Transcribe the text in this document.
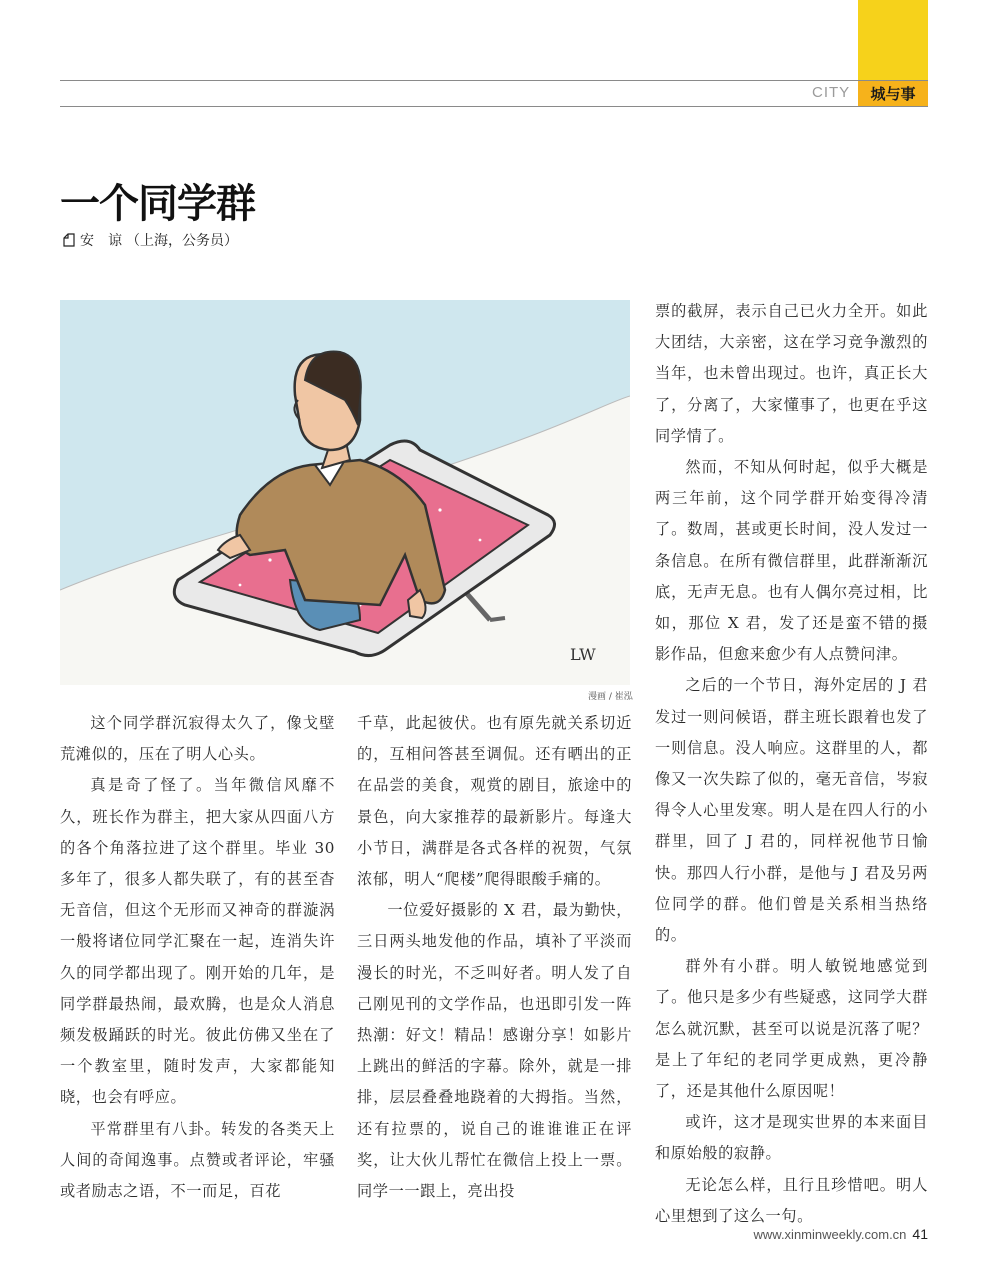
CITY	城与事
一个同学群
安　谅 （上海，公务员）
LW
漫画 / 崔泓

这个同学群沉寂得太久了，像戈壁荒滩似的，压在了明人心头。

真是奇了怪了。当年微信风靡不久，班长作为群主，把大家从四面八方的各个角落拉进了这个群里。毕业 30 多年了，很多人都失联了，有的甚至杳无音信，但这个无形而又神奇的群漩涡一般将诸位同学汇聚在一起，连消失许久的同学都出现了。刚开始的几年，是同学群最热闹，最欢腾，也是众人消息频发极踊跃的时光。彼此仿佛又坐在了一个教室里，随时发声，大家都能知晓，也会有呼应。

平常群里有八卦。转发的各类天上人间的奇闻逸事。点赞或者评论，牢骚或者励志之语，不一而足，百花

千草，此起彼伏。也有原先就关系切近的，互相问答甚至调侃。还有晒出的正在品尝的美食，观赏的剧目，旅途中的景色，向大家推荐的最新影片。每逢大小节日，满群是各式各样的祝贺，气氛浓郁，明人“爬楼”爬得眼酸手痛的。

一位爱好摄影的 X 君，最为勤快，三日两头地发他的作品，填补了平淡而漫长的时光，不乏叫好者。明人发了自己刚见刊的文学作品，也迅即引发一阵热潮：好文！精品！感谢分享！如影片上跳出的鲜活的字幕。除外，就是一排排，层层叠叠地跷着的大拇指。当然，还有拉票的，说自己的谁谁谁正在评奖，让大伙儿帮忙在微信上投上一票。同学一一跟上，亮出投

票的截屏，表示自己已火力全开。如此大团结，大亲密，这在学习竞争激烈的当年，也未曾出现过。也许，真正长大了，分离了，大家懂事了，也更在乎这同学情了。

然而，不知从何时起，似乎大概是两三年前，这个同学群开始变得冷清了。数周，甚或更长时间，没人发过一条信息。在所有微信群里，此群渐渐沉底，无声无息。也有人偶尔亮过相，比如，那位 X 君，发了还是蛮不错的摄影作品，但愈来愈少有人点赞问津。

之后的一个节日，海外定居的 J 君发过一则问候语，群主班长跟着也发了一则信息。没人响应。这群里的人，都像又一次失踪了似的，毫无音信，岑寂得令人心里发寒。明人是在四人行的小群里，回了 J 君的，同样祝他节日愉快。那四人行小群，是他与 J 君及另两位同学的群。他们曾是关系相当热络的。

群外有小群。明人敏锐地感觉到了。他只是多少有些疑惑，这同学大群怎么就沉默，甚至可以说是沉落了呢？是上了年纪的老同学更成熟，更冷静了，还是其他什么原因呢！

或许，这才是现实世界的本来面目和原始般的寂静。

无论怎么样，且行且珍惜吧。明人心里想到了这么一句。

www.xinminweekly.com.cn 41
